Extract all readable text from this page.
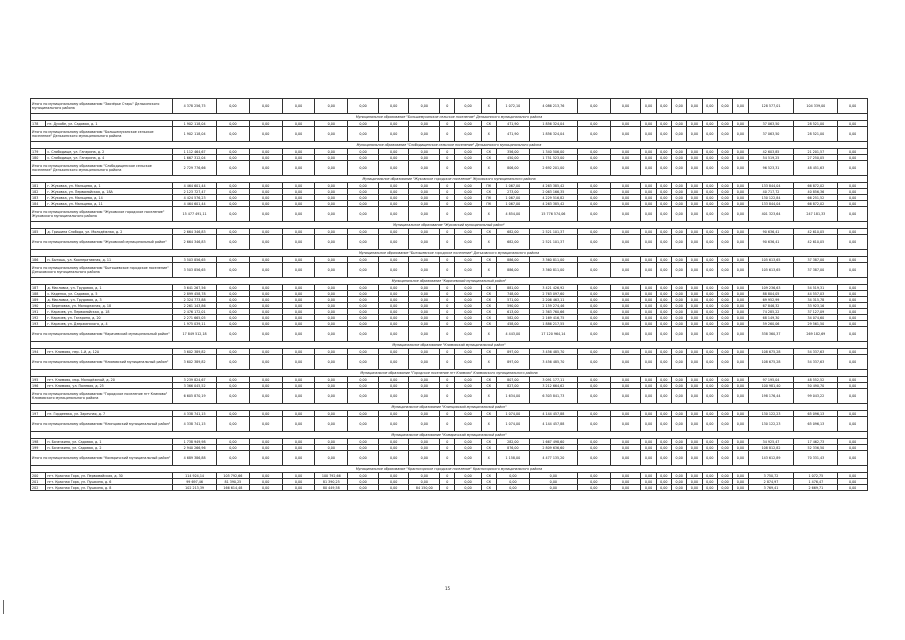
Итого по муниципальному образованию "Заозёрье Старь" Делькинского муниципального района		4 378 256,75	0,00	0,00	0,00	0,00	0,00	0,00	0,00	0	0,00	Х	1 072,10	4 086 213,76	0,00	0,00	0,00	0,00	0,00	0,00	0,00	0,00	0,00	128 577,01	104 339,00	0,00
Муниципальное образование "Большемуханское сельское поселение" Делькинского муниципального района																										
178	пт. Духобе, ул. Садовая, д. 1	1 902 118,04	0,00	0,00	0,00	0,00	0,00	0,00	0,00	0	0,00	СК	471,90	1 856 324,04	0,00	0,00	0,00	0,00	0,00	0,00	0,00	0,00	0,00	37 063,50	28 521,00	0,00
Итого по муниципальному образованию "Большемуханское сельское поселение" Делькинского муниципального района		1 902 118,04	0,00	0,00	0,00	0,00	0,00	0,00	0,00	0	0,00	Х	471,90	1 856 324,04	0,00	0,00	0,00	0,00	0,00	0,00	0,00	0,00	0,00	37 063,50	28 521,00	0,00
Муниципальное образование "Слободищенское сельское поселение" Делькинского муниципального района																										
179	с. Слободище, ул. Гагарина, д. 2	1 112 464,67	0,00	0,00	0,00	0,00	0,00	0,00	0,00	0	0,00	СК	356,00	1 340 506,00	0,00	0,00	0,00	0,00	0,00	0,00	0,00	0,00	0,00	42 603,85	21 201,57	0,00
180	с. Слободище, ул. Гагарина, д. 4	1 667 312,04	0,00	0,00	0,00	0,00	0,00	0,00	0,00	0	0,00	СК	450,00	1 751 523,00	0,00	0,00	0,00	0,00	0,00	0,00	0,00	0,00	0,00	54 519,25	27 250,05	0,00
Итого по муниципальному образованию "Слободищенское сельское поселение" Делькинского муниципального района		2 729 776,66	0,00	0,00	0,00	0,00	0,00	0,00	0,00	0	0,00	Х	806,00	2 692 201,00	0,00	0,00	0,00	0,00	0,00	0,00	0,00	0,00	0,00	96 523,31	48 451,63	0,00
Муниципальное образование "Жуковское городское поселение" Жуковского муниципального района																										
181	г. Жуковка, ул. Мальцева, д. 1	4 464 601,44	0,00	0,00	0,00	0,00	0,00	0,00	0,00	0	0,00	ПК	1 067,00	4 263 385,42	0,00	0,00	0,00	0,00	0,00	0,00	0,00	0,00	0,00	133 844,04	66 872,02	0,00
182	г. Жуковка, ул. Первомайская, д. 18А	2 123 727,47	0,00	0,00	0,00	0,00	0,00	0,00	0,00	0	0,00	СК	273,00	2 063 166,35	0,00	0,00	0,00	0,00	0,00	0,00	0,00	0,00	0,00	40 717,72	40 856,36	0,00
183	г. Жуковка, ул. Мальцева, д. 14	4 424 576,23	0,00	0,00	0,00	0,00	0,00	0,00	0,00	0	0,00	ПК	1 067,00	4 229 516,82	0,00	0,00	0,00	0,00	0,00	0,00	0,00	0,00	0,00	130 122,84	66 251,52	0,00
184	г. Жуковка, ул. Мальцева, д. 11	4 464 601,44	0,00	0,00	0,00	0,00	0,00	0,00	0,00	0	0,00	ПК	1 067,00	4 263 385,42	0,00	0,00	0,00	0,00	0,00	0,00	0,00	0,00	0,00	133 844,04	66 872,02	0,00
Итого по муниципальному образованию "Жуковское городское поселение" Жуковского муниципального района		15 477 491,11	0,00	0,00	0,00	0,00	0,00	0,00	0,00	0	0,00	Х	4 854,00	15 776 574,06	0,00	0,00	0,00	0,00	0,00	0,00	0,00	0,00	0,00	401 323,64	247 181,33	0,00
Муниципальное образование "Жуковский муниципальный район"																										
185	д. Гришина Слобода, ул. Молодёжная, д. 2	2 664 346,83	0,00	0,00	0,00	0,00	0,00	0,00	0,00	0	0,00	СК	682,00	2 521 101,37	0,00	0,00	0,00	0,00	0,00	0,00	0,00	0,00	0,00	90 636,41	42 610,05	0,00
Итого по муниципальному образованию "Жуковский муниципальный район"		2 664 346,83	0,00	0,00	0,00	0,00	0,00	0,00	0,00	0	0,00	Х	682,00	2 521 101,37	0,00	0,00	0,00	0,00	0,00	0,00	0,00	0,00	0,00	90 636,41	42 610,05	0,00
Муниципальное образование "Бытошевское городское поселение" Дятьковского муниципального района																										
186	п. Бытошь, ул. Кооперативная, д. 11	3 503 856,65	0,00	0,00	0,00	0,00	0,00	0,00	0,00	0	0,00	СК	886,00	3 360 811,00	0,00	0,00	0,00	0,00	0,00	0,00	0,00	0,00	0,00	105 613,65	37 387,00	0,00
Итого по муниципальному образованию "Бытошевское городское поселение" Дятьковского муниципального района		3 503 856,65	0,00	0,00	0,00	0,00	0,00	0,00	0,00	0	0,00	Х	886,00	3 360 811,00	0,00	0,00	0,00	0,00	0,00	0,00	0,00	0,00	0,00	105 613,65	37 387,00	0,00
Муниципальное образование "Карачевский муниципальный район"																										
187	д. Масловка, ул. Трудовая, д. 1	3 641 267,56	0,00	0,00	0,00	0,00	0,00	0,00	0,00	0	0,00	СК	881,00	3 421 426,92	0,00	0,00	0,00	0,00	0,00	0,00	0,00	0,00	0,00	109 236,63	54 519,31	0,00
188	с. Каденка, ул. Садовая, д. 5	2 899 458,78	0,00	0,00	0,00	0,00	0,00	0,00	0,00	0	0,00	СК	748,00	2 763 097,60	0,00	0,00	0,00	0,00	0,00	0,00	0,00	0,00	0,00	88 804,05	44 557,03	0,00
189	д. Масловка, ул. Трудовая, д. 3	2 324 773,88	0,00	0,00	0,00	0,00	0,00	0,00	0,00	0	0,00	СК	571,00	2 206 463,11	0,00	0,00	0,00	0,00	0,00	0,00	0,00	0,00	0,00	69 952,99	34 315,78	0,00
190	п. Березовка, ул. Молодежная, д. 18	2 261 143,86	0,00	0,00	0,00	0,00	0,00	0,00	0,00	0	0,00	СК	590,00	2 159 274,46	0,00	0,00	0,00	0,00	0,00	0,00	0,00	0,00	0,00	67 846,32	33 923,16	0,00
191	г. Карачев, ул. Первомайская, д. 18	2 476 172,01	0,00	0,00	0,00	0,00	0,00	0,00	0,00	0	0,00	СК	613,00	2 363 760,66	0,00	0,00	0,00	0,00	0,00	0,00	0,00	0,00	0,00	74 285,22	37 127,09	0,00
192	г. Карачев, ул. Гагарина, д. 20	2 271 665,05	0,00	0,00	0,00	0,00	0,00	0,00	0,00	0	0,00	СК	582,00	2 169 416,75	0,00	0,00	0,00	0,00	0,00	0,00	0,00	0,00	0,00	68 149,30	34 074,60	0,00
193	г. Карачев, ул. Дзержинского, д. 4	1 975 039,11	0,00	0,00	0,00	0,00	0,00	0,00	0,00	0	0,00	СК	458,00	1 886 217,55	0,00	0,00	0,00	0,00	0,00	0,00	0,00	0,00	0,00	59 260,06	29 561,50	0,00
Итого по муниципальному образованию "Карачевский муниципальный район"		17 849 512,18	0,00	0,00	0,00	0,00	0,00	0,00	0,00	0	0,00	Х	4 443,00	17 120 964,14	0,00	0,00	0,00	0,00	0,00	0,00	0,00	0,00	0,00	538 360,37	269 182,69	0,00
Муниципальное образование "Климовский муниципальный район"																										
194	пгт. Климово, пер. 1-й, д. 12А	3 602 389,82	0,00	0,00	0,00	0,00	0,00	0,00	0,00	0	0,00	СК	897,00	3 456 485,70	0,00	0,00	0,00	0,00	0,00	0,00	0,00	0,00	0,00	108 675,28	54 337,63	0,00
Итого по муниципальному образованию "Климовский муниципальный район"		3 602 389,82	0,00	0,00	0,00	0,00	0,00	0,00	0,00	0	0,00	Х	897,00	3 456 485,70	0,00	0,00	0,00	0,00	0,00	0,00	0,00	0,00	0,00	108 675,28	54 337,63	0,00
Муниципальное образование "Городское поселение пгт Климово" Климовского муниципального района																										
195	пгт. Климово, мкр. Молодёжный, д. 20	3 239 824,67	0,00	0,00	0,00	0,00	0,00	0,00	0,00	0	0,00	СК	807,00	3 091 177,11	0,00	0,00	0,00	0,00	0,00	0,00	0,00	0,00	0,00	97 195,04	48 552,52	0,00
196	пгт. Климово, ул. Полевая, д. 25	3 366 045,52	0,00	0,00	0,00	0,00	0,00	0,00	0,00	0	0,00	СК	827,00	3 212 664,62	0,00	0,00	0,00	0,00	0,00	0,00	0,00	0,00	0,00	100 981,40	50 490,70	0,00
Итого по муниципальному образованию "Городское поселение пгт Климово" Климовского муниципального района		6 605 870,19	0,00	0,00	0,00	0,00	0,00	0,00	0,00	0	0,00	Х	1 634,00	6 303 841,73	0,00	0,00	0,00	0,00	0,00	0,00	0,00	0,00	0,00	198 176,44	99 043,22	0,00
Муниципальное образование "Клинцовский муниципальный район"																										
197	пт. Гордеевка, ул. Заречная, д. 7	4 338 741,15	0,00	0,00	0,00	0,00	0,00	0,00	0,00	0	0,00	СК	1 074,00	4 144 457,88	0,00	0,00	0,00	0,00	0,00	0,00	0,00	0,00	0,00	130 122,23	65 096,13	0,00
Итого по муниципальному образованию "Клинцовский муниципальный район"		4 338 741,15	0,00	0,00	0,00	0,00	0,00	0,00	0,00	0	0,00	Х	1 074,00	4 144 457,88	0,00	0,00	0,00	0,00	0,00	0,00	0,00	0,00	0,00	130 122,23	65 096,13	0,00
Муниципальное образование "Комаричский муниципальный район"																										
198	п. Бочечкино, ул. Садовая, д. 1	1 738 949,98	0,00	0,00	0,00	0,00	0,00	0,00	0,00	0	0,00	СК	282,00	1 667 498,60	0,00	0,00	0,00	0,00	0,00	0,00	0,00	0,00	0,00	34 925,47	17 462,73	0,00
199	п. Бочечкино, ул. Садовая, д. 2	2 940 266,96	0,00	0,00	0,00	0,00	0,00	0,00	0,00	0	0,00	СК	876,00	2 809 636,60	0,00	0,00	0,00	0,00	0,00	0,00	0,00	0,00	0,00	108 812,82	52 336,50	0,00
Итого по муниципальному образованию "Комаричский муниципальный район"		4 689 386,88	0,00	0,00	0,00	0,00	0,00	0,00	0,00	0	0,00	Х	1 158,00	4 477 135,20	0,00	0,00	0,00	0,00	0,00	0,00	0,00	0,00	0,00	143 612,89	70 331,43	0,00
Муниципальное образование "Красногорское городское поселение" Красногорского муниципального района																										
200	пгт. Красная Гора, ул. Первомайская, д. 30	114 924,14	105 792,66	0,00	0,00	100 792,66	0,00	0,00	0,00	0	0,00	СК	0,00	0,00	0,00	0,00	0,00	0,00	0,00	0,00	0,00	0,00	0,00	3 750,72	1 072,75	0,00
201	пгт. Красная Гора, ул. Пушкина, д. 6	99 697,46	81 390,25	0,00	0,00	81 390,25	0,00	0,00	0,00	0	0,00	СК	0,00	0,00	0,00	0,00	0,00	0,00	0,00	0,00	0,00	0,00	0,00	2 874,97	1 476,47	0,00
202	пгт. Красная Гора, ул. Пушкина, д. 8	102 213,39	166 614,48	0,00	0,00	80 449,58	0,00	0,00	84 150,00	0	0,00	СК	0,00	0,00	0,00	0,00	0,00	0,00	0,00	0,00	0,00	0,00	0,00	3 769,41	2 669,71	0,00
15
